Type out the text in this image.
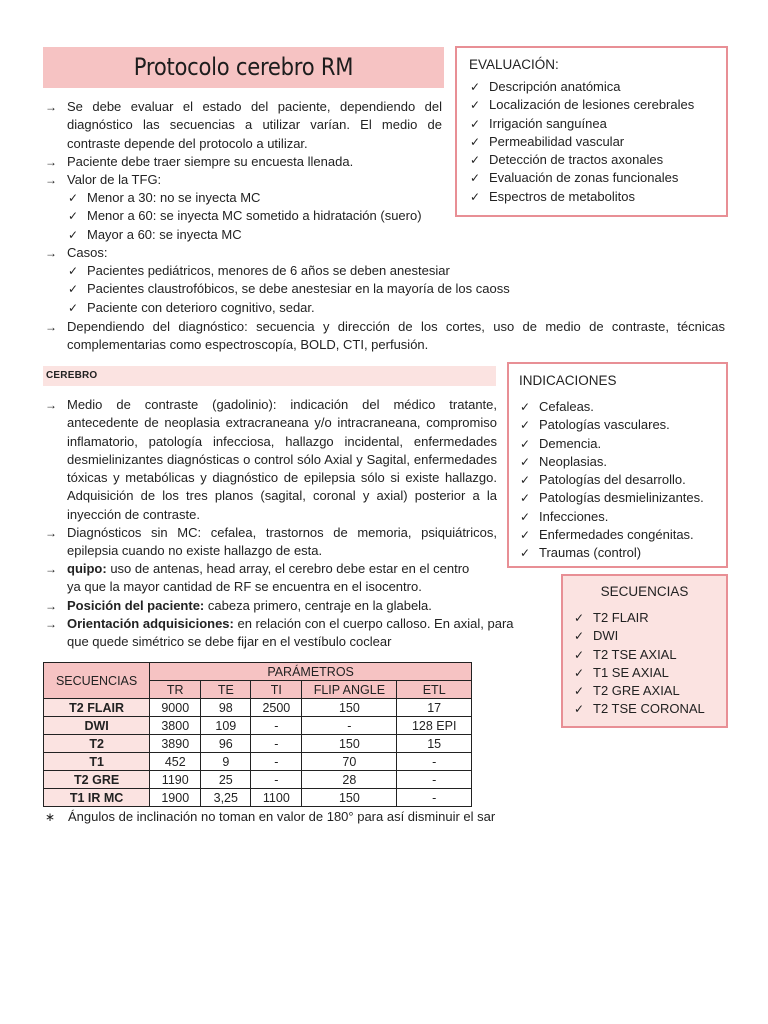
Protocolo cerebro RM	EVALUACIÓN:
✓ Descripción anatómica
✓ Localización de lesiones cerebrales
✓ Irrigación sanguínea
✓ Permeabilidad vascular
✓ Detección de tractos axonales
✓ Evaluación de zonas funcionales
✓ Espectros de metabolitos
→ Se debe evaluar el estado del paciente, dependiendo del diagnóstico las secuencias a utilizar varían. El medio de contraste depende del protocolo a utilizar.
→ Paciente debe traer siempre su encuesta llenada.
→ Valor de la TFG:
✓ Menor a 30: no se inyecta MC
✓ Menor a 60: se inyecta MC sometido a hidratación (suero)
✓ Mayor a 60: se inyecta MC
→ Casos:
✓ Pacientes pediátricos, menores de 6 años se deben anestesiar
✓ Pacientes claustrofóbicos, se debe anestesiar en la mayoría de los caoss
✓ Paciente con deterioro cognitivo, sedar.
→ Dependiendo del diagnóstico: secuencia y dirección de los cortes, uso de medio de contraste, técnicas complementarias como espectroscopía, BOLD, CTI, perfusión.
CEREBRO
→ Medio de contraste (gadolinio): indicación del médico tratante, antecedente de neoplasia extracraneana y/o intracraneana, compromiso inflamatorio, patología infecciosa, hallazgo incidental, enfermedades desmielinizantes diagnósticas o control sólo Axial y Sagital, enfermedades tóxicas y metabólicas y diagnóstico de epilepsia sólo si existe hallazgo. Adquisición de los tres planos (sagital, coronal y axial) posterior a la inyección de contraste.
→ Diagnósticos sin MC: cefalea, trastornos de memoria, psiquiátricos, epilepsia cuando no existe hallazgo de esta.
→ quipo: uso de antenas, head array, el cerebro debe estar en el centro
ya que la mayor cantidad de RF se encuentra en el isocentro.
→ Posición del paciente: cabeza primero, centraje en la glabela.
→ Orientación adquisiciones: en relación con el cuerpo calloso. En axial, para
que quede simétrico se debe fijar en el vestíbulo coclear
INDICACIONES
✓ Cefaleas.
✓ Patologías vasculares.
✓ Demencia.
✓ Neoplasias.
✓ Patologías del desarrollo.
✓ Patologías desmielinizantes.
✓ Infecciones.
✓ Enfermedades congénitas.
✓ Traumas (control)
SECUENCIAS
✓ T2 FLAIR
✓ DWI
✓ T2 TSE AXIAL
✓ T1 SE AXIAL
✓ T2 GRE AXIAL
✓ T2 TSE CORONAL
SECUENCIAS	PARÁMETROS				
	TR	TE	TI	FLIP ANGLE	ETL
T2 FLAIR	9000	98	2500	150	17
DWI	3800	109	-	-	128 EPI
T2	3890	96	-	150	15
T1	452	9	-	70	-
T2 GRE	1190	25	-	28	-
T1 IR MC	1900	3,25	1100	150	-
∗ Ángulos de inclinación no toman en valor de 180° para así disminuir el sar
